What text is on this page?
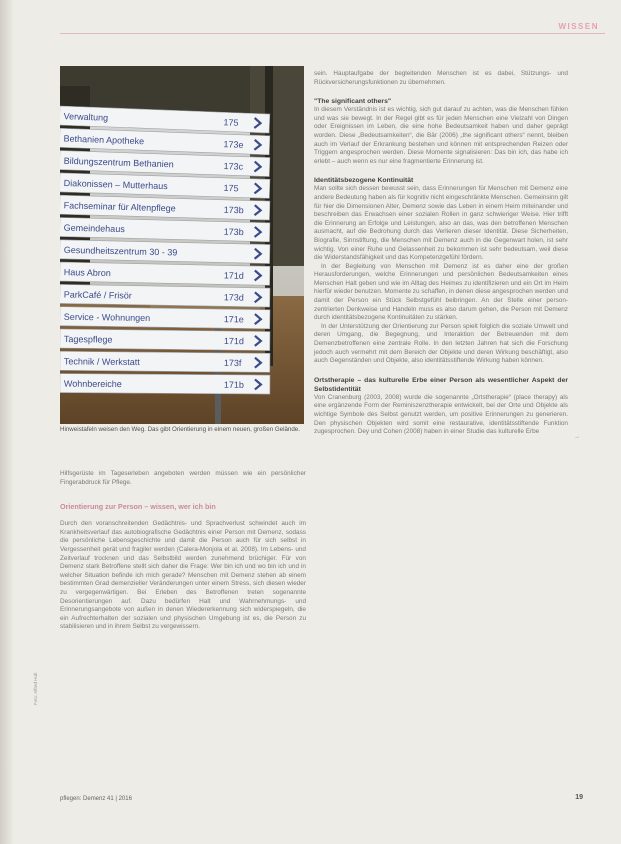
WISSEN
Verwaltung	175
Bethanien Apotheke	173e
Bildungszentrum Bethanien	173c
Diakonissen – Mutterhaus	175
Fachseminar für Altenpflege	173b
Gemeindehaus	173b
Gesundheitszentrum 30 - 39
Haus Abron	171d
ParkCafé / Frisör	173d
Service - Wohnungen	171e
Tagespflege	171d
Technik / Werkstatt	173f
Wohnbereiche	171b
Hinweistafeln weisen den Weg. Das gibt Orientierung in einem neuen, großen Gelände.

Hilfsgerüste im Tageserleben angeboten werden müssen wie ein persönlicher Fingerabdruck für Pflege.

Orientierung zur Person – wissen, wer ich bin

Durch den voranschreitenden Gedächtnis- und Sprachverlust schwindet auch im Krankheitsverlauf das autobiografische Gedächtnis einer Person mit Demenz, sodass die persönliche Lebensgeschichte und damit die Person auch für sich selbst in Vergessenheit gerät und fragiler werden (Calera-Monjola et al. 2008). Im Lebens- und Zeitverlauf trocknen und das Selbstbild werden zunehmend brüchiger. Für von Demenz stark Betroffene stellt sich daher die Frage: Wer bin ich und wo bin ich und in welcher Situation befinde ich mich gerade? Menschen mit Demenz stehen ab einem bestimmten Grad demenzieller Veränderungen unter einem Stress, sich diesen wieder zu vergegenwärtigen. Bei Erleben des Betroffenen treten sogenannte Desorientierungen auf. Dazu bedürfen Halt und Wahrnehmungs- und Erinnerungsangebote von außen in denen Wiedererkennung sich widerspiegeln, die ein Aufrechterhalten der sozialen und physischen Umgebung ist es, die Person zu stabilisieren und in ihrem Selbst zu vergewissern.

sein. Hauptaufgabe der begleitenden Menschen ist es dabei, Stützungs- und Rückversicherungsfunktionen zu übernehmen.

"The significant others"

In diesem Verständnis ist es wichtig, sich gut darauf zu achten, was die Menschen fühlen und was sie bewegt. In der Regel gibt es für jeden Menschen eine Vielzahl von Dingen oder Ereignissen im Leben, die eine hohe Bedeutsamkeit haben und daher geprägt worden. Diese „Bedeutsamkeiten“, die Bär (2006) „the significant others“ nennt, bleiben auch im Verlauf der Erkrankung bestehen und können mit entsprechenden Reizen oder Triggern angesprochen werden. Diese Momente signalisieren: Das bin ich, das habe ich erlebt – auch wenn es nur eine fragmentierte Erinnerung ist.

Identitätsbezogene Kontinuität

Man sollte sich dessen bewusst sein, dass Erinnerungen für Menschen mit Demenz eine andere Bedeutung haben als für kognitiv nicht eingeschränkte Menschen. Gemeinsinn gilt für hier die Dimensionen Alter, Demenz sowie das Leben in einem Heim miteinander und beschreiben das Erwachsen einer sozialen Rollen in ganz schwieriger Weise. Hier trifft die Erinnerung an Erfolge und Leistungen, also an das, was den betroffenen Menschen ausmacht, auf die Bedrohung durch das Verlieren dieser Identität. Diese Sicherheiten, Biografie, Sinnstiftung, die Menschen mit Demenz auch in die Gegenwart holen, ist sehr wichtig. Von einer Ruhe und Gelassenheit zu bekommen ist sehr bedeutsam, weil diese die Widerstandsfähigkeit und das Kompetenzgefühl fördern.

In der Begleitung von Menschen mit Demenz ist es daher eine der großen Herausforderungen, welche Erinnerungen und persönlichen Bedeutsamkeiten eines Menschen Halt geben und wie im Alltag des Heimes zu identifizieren und ein Ort im Heim hierfür wieder benutzen. Momente zu schaffen, in denen diese angesprochen werden und damit der Person ein Stück Selbstgefühl beibringen. An der Stelle einer person-zentrierten Denkweise und Handeln muss es also darum gehen, die Person mit Demenz durch identitätsbezogene Kontinuitäten zu stärken.

In der Unterstützung der Orientierung zur Person spielt folglich die soziale Umwelt und deren Umgang, die Begegnung, und Interaktion der Betreuenden mit dem Demenzbetroffenen eine zentrale Rolle. In den letzten Jahren hat sich die Forschung jedoch auch vermehrt mit dem Bereich der Objekte und deren Wirkung beschäftigt, also auch Gegenständen und Objekte, also identitätsstiftende Wirkung haben können.

Ortstherapie – das kulturelle Erbe einer Person als wesentlicher Aspekt der Selbstidentität

Von Cranenburg (2003, 2008) wurde die sogenannte „Ortstherapie“ (place therapy) als eine ergänzende Form der Reminiszenztherapie entwickelt, bei der Orte und Objekte als wichtige Symbole des Selbst genutzt werden, um positive Erinnerungen zu generieren. Den physischen Objekten wird somit eine restaurative, identitätsstiftende Funktion zugesprochen. Dey und Cohen (2008) haben in einer Studie das kulturelle Erbe

Foto: Alfred Hub
→
pflegen: Demenz 41 | 2016	19
